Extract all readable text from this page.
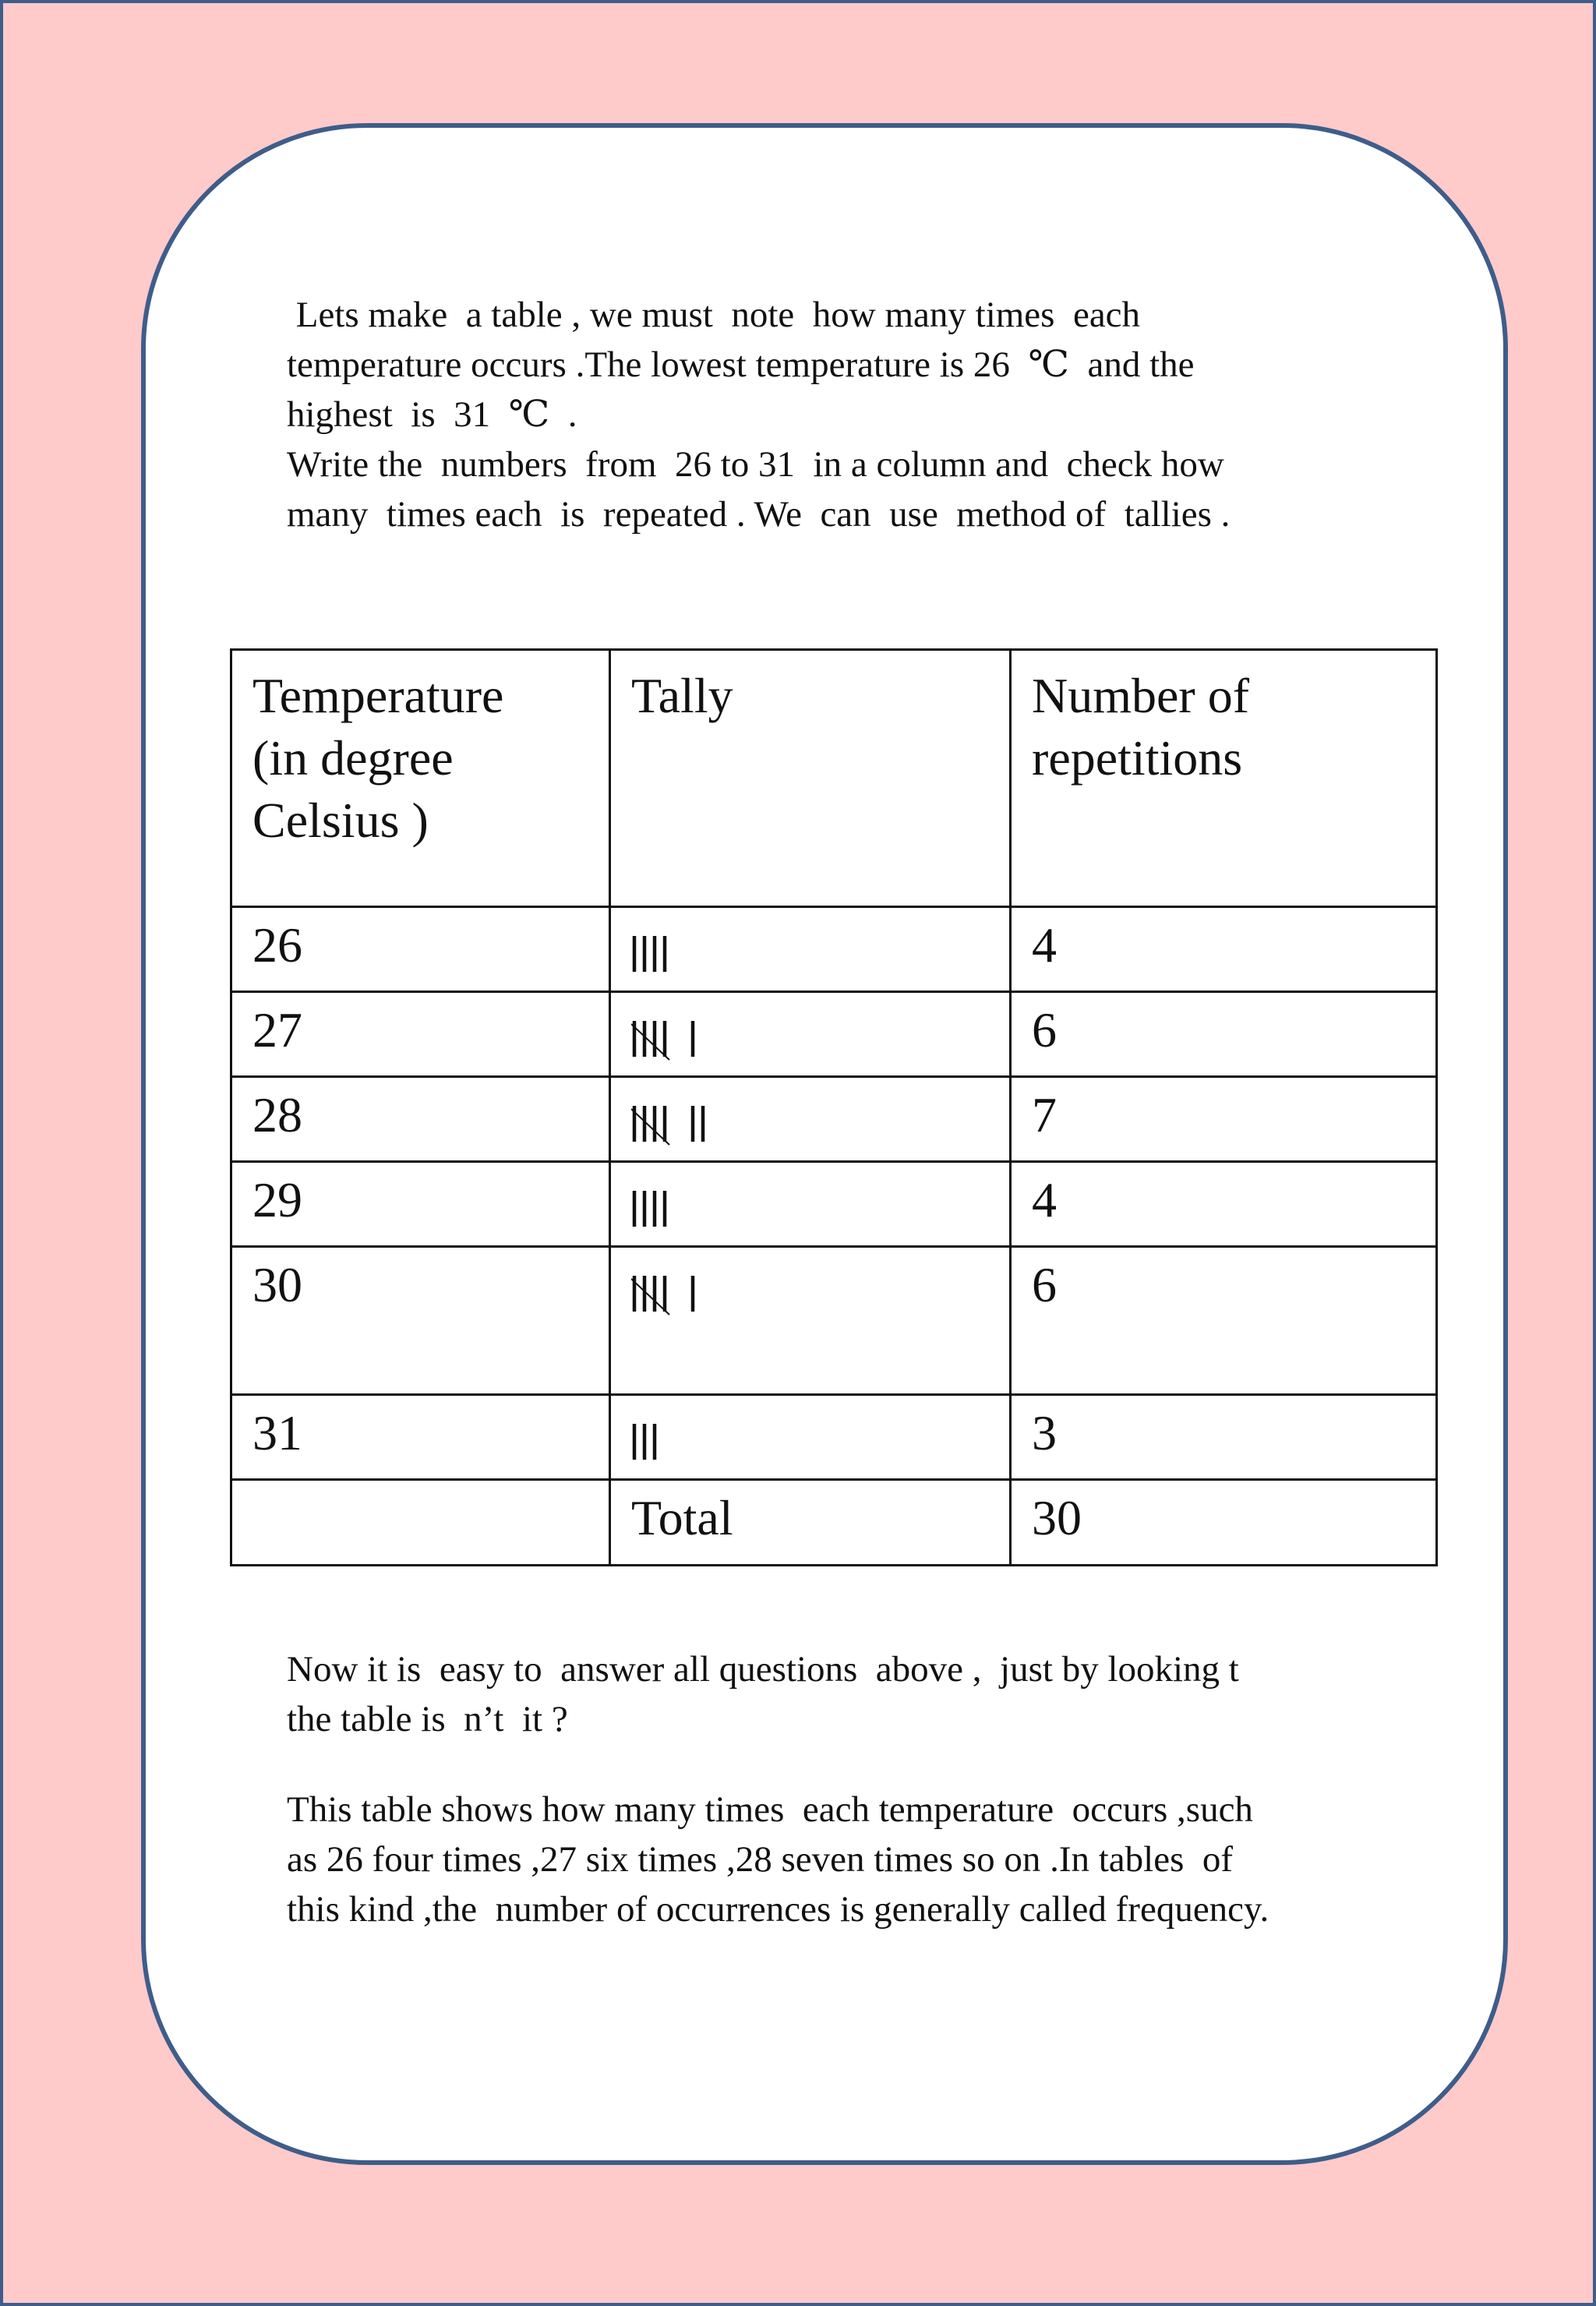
Lets make  a table , we must  note  how many times  each
temperature occurs .The lowest temperature is 26  ℃  and the
highest  is  31  ℃  .
Write the  numbers  from  26 to 31  in a column and  check how
many  times each  is  repeated . We  can  use  method of  tallies .

Temperature
(in degree
Celsius )	Tally	Number of
repetitions
26		4
27		6
28		7
29		4
30		6
31		3
	Total	30

Now it is  easy to  answer all questions  above ,  just by looking t
the table is  n’t  it ?

This table shows how many times  each temperature  occurs ,such
as 26 four times ,27 six times ,28 seven times so on .In tables  of
this kind ,the  number of occurrences is generally called frequency.
